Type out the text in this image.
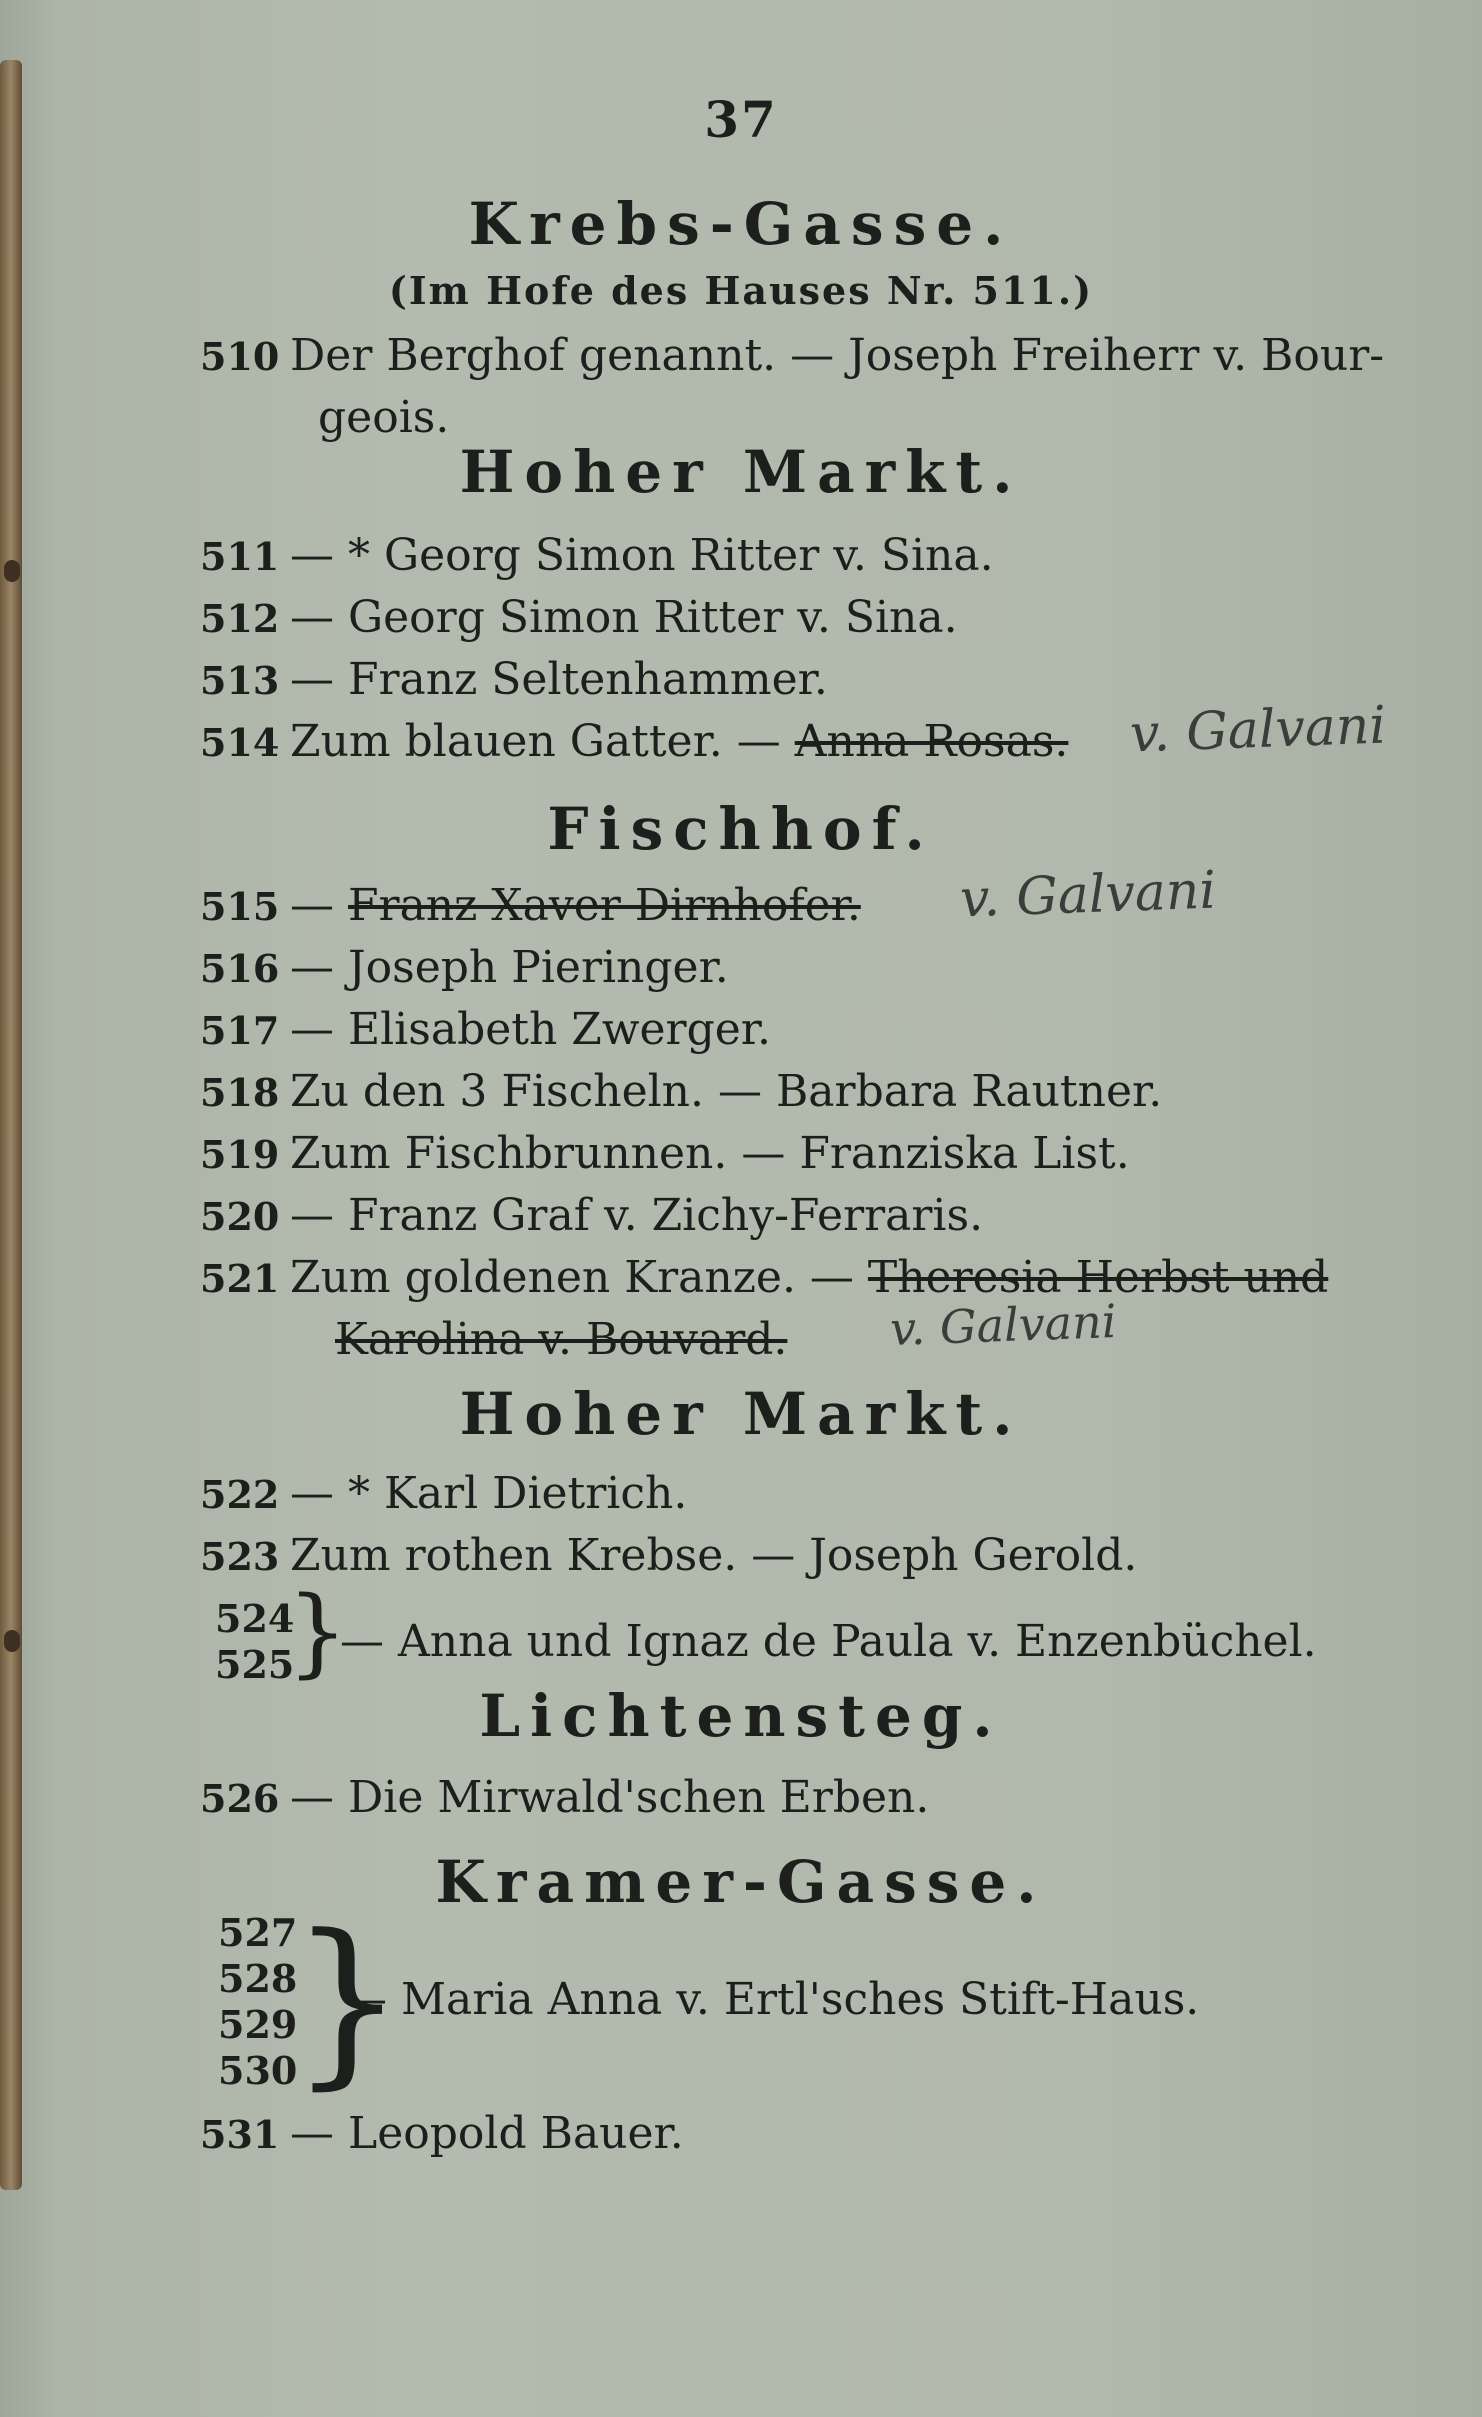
37
Krebs-Gasse.
(Im Hofe des Hauses Nr. 511.)
510 Der Berghof genannt. — Joseph Freiherr v. Bour-
geois.
Hoher Markt.
511 — * Georg Simon Ritter v. Sina.
512 — Georg Simon Ritter v. Sina.
513 — Franz Seltenhammer.
514 Zum blauen Gatter. — Anna Rosas. v. Galvani
Fischhof.
515 — Franz Xaver Dirnhofer. v. Galvani
516 — Joseph Pieringer.
517 — Elisabeth Zwerger.
518 Zu den 3 Fischeln. — Barbara Rautner.
519 Zum Fischbrunnen. — Franziska List.
520 — Franz Graf v. Zichy-Ferraris.
521 Zum goldenen Kranze. — Theresia Herbst und
Karolina v. Bouvard. v. Galvani
Hoher Markt.
522 — * Karl Dietrich.
523 Zum rothen Krebse. — Joseph Gerold.
524
525
}
— Anna und Ignaz de Paula v. Enzenbüchel.
Lichtensteg.
526 — Die Mirwald'schen Erben.
Kramer-Gasse.
527
528
529
530
}
— Maria Anna v. Ertl'sches Stift-Haus.
531 — Leopold Bauer.
